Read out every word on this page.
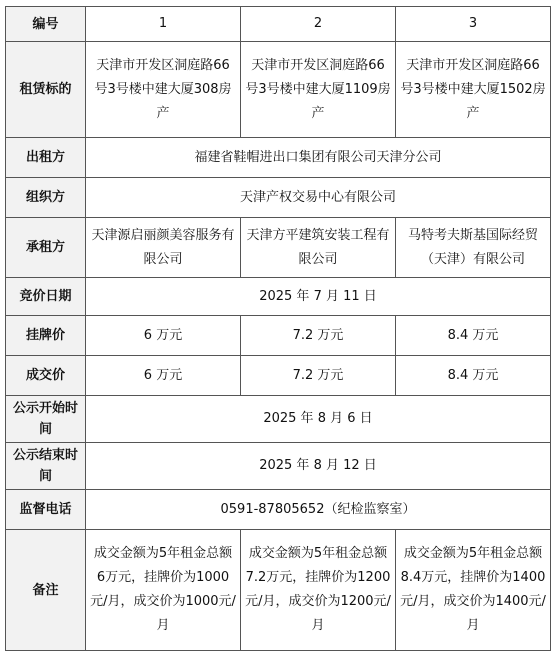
编号	1	2	3
租赁标的	天津市开发区洞庭路66号3号楼中建大厦308房产	天津市开发区洞庭路66号3号楼中建大厦1109房产	天津市开发区洞庭路66号3号楼中建大厦1502房产
出租方	福建省鞋帽进出口集团有限公司天津分公司		
组织方	天津产权交易中心有限公司		
承租方	天津源启丽颜美容服务有限公司	天津方平建筑安装工程有限公司	马特考夫斯基国际经贸（天津）有限公司
竞价日期	2025 年 7 月 11 日		
挂牌价	6 万元	7.2 万元	8.4 万元
成交价	6 万元	7.2 万元	8.4 万元
公示开始时间	2025 年 8 月 6 日		
公示结束时间	2025 年 8 月 12 日		
监督电话	0591-87805652（纪检监察室）		
备注	成交金额为5年租金总额6万元，挂牌价为1000元/月，成交价为1000元/月	成交金额为5年租金总额7.2万元，挂牌价为1200元/月，成交价为1200元/月	成交金额为5年租金总额8.4万元，挂牌价为1400元/月，成交价为1400元/月
